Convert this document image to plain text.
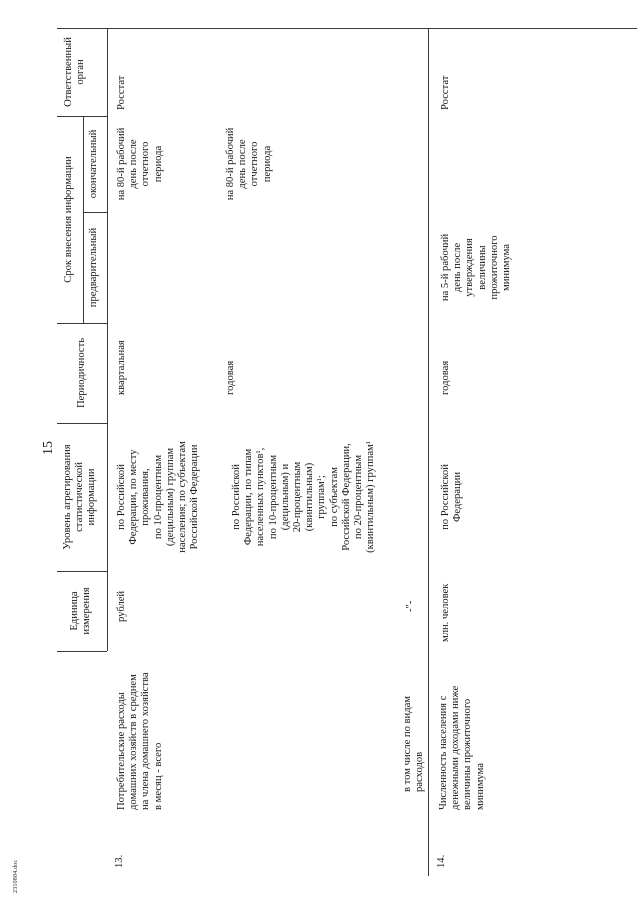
15
2310884.doc
Единица
измерения
Уровень агрегирования
статистической
информации
Периодичность
Срок внесения информации предварительный
окончательный
Ответственный
орган
13.
Потребительские расходы
домашних хозяйств в среднем
на члена домашнего хозяйства
в месяц - всего
в том числе по видам
расходов
рублей	-"-
по Российской
Федерации, по месту
проживания,
по 10-процентным
(децильным) группам
населения; по субъектам
Российской Федерации
по Российской
Федерации, по типам
населенных пунктов¹,
по 10-процентным
(децильным) и
20-процентным
(квинтильным)
группам¹;
по субъектам
Российской Федерации,
по 20-процентным
(квинтильным) группам¹
квартальная	годовая
на 80-й рабочий
день после
отчетного
периода
на 80-й рабочий
день после
отчетного
периода
Росстат
14.
Численность населения с
денежными доходами ниже
величины прожиточного
минимума
млн. человек
по Российской
Федерации
годовая
на 5-й рабочий
день после
утверждения
величины
прожиточного
минимума
Росстат
